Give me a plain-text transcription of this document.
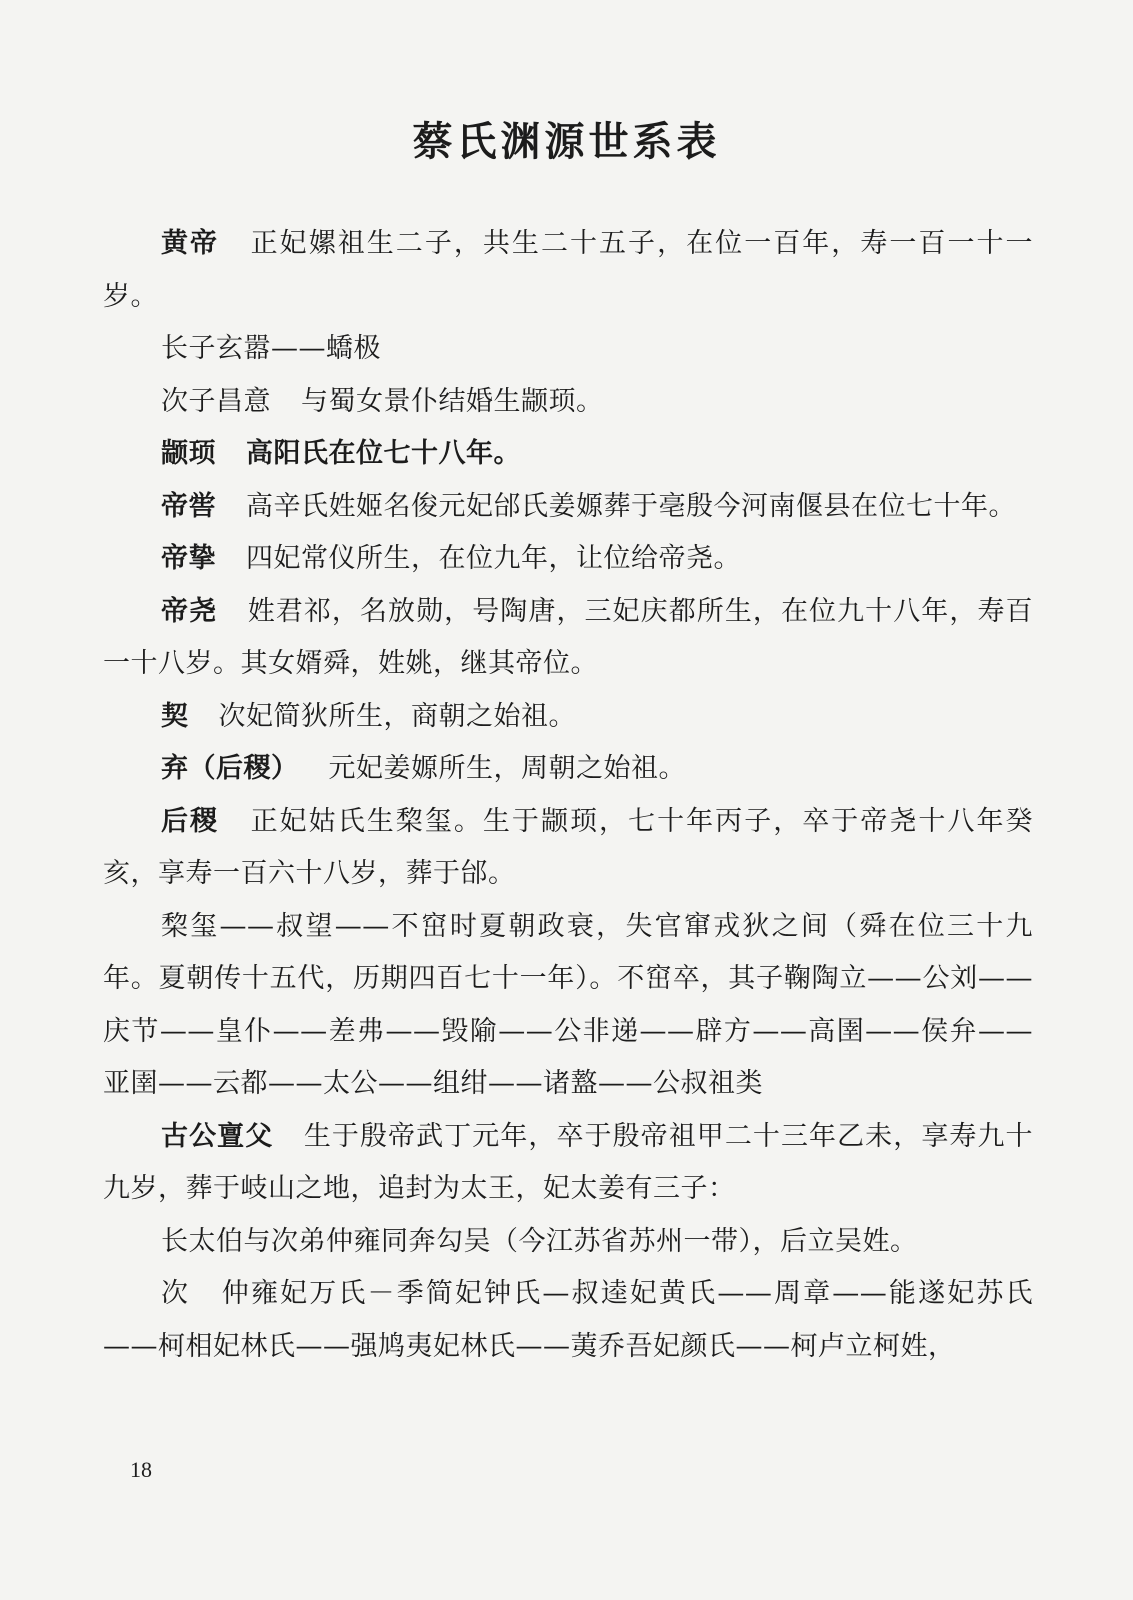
蔡氏渊源世系表

黄帝 正妃嫘祖生二子，共生二十五子，在位一百年，寿一百一十一岁。

长子玄嚣——蟜极

次子昌意 与蜀女景仆结婚生颛顼。

颛顼 高阳氏在位七十八年。

帝喾 高辛氏姓姬名俊元妃邰氏姜嫄葬于亳殷今河南偃县在位七十年。

帝挚 四妃常仪所生，在位九年，让位给帝尧。

帝尧 姓君祁，名放勋，号陶唐，三妃庆都所生，在位九十八年，寿百一十八岁。其女婿舜，姓姚，继其帝位。

契 次妃简狄所生，商朝之始祖。

弃（后稷） 元妃姜嫄所生，周朝之始祖。

后稷 正妃姑氏生棃玺。生于颛顼，七十年丙子，卒于帝尧十八年癸亥，享寿一百六十八岁，葬于邰。

棃玺——叔望——不窋时夏朝政衰，失官窜戎狄之间（舜在位三十九年。夏朝传十五代，历期四百七十一年）。不窋卒，其子鞠陶立——公刘——庆节——皇仆——差弗——毁隃——公非递——辟方——高圉——侯弁——亚圉——云都——太公——组绀——诸盩——公叔祖类

古公亶父 生于殷帝武丁元年，卒于殷帝祖甲二十三年乙未，享寿九十九岁，葬于岐山之地，追封为太王，妃太姜有三子：

长太伯与次弟仲雍同奔勾吴（今江苏省苏州一带），后立吴姓。

次 仲雍妃万氏－季简妃钟氏—叔逵妃黄氏——周章——能遂妃苏氏——柯相妃林氏——强鸠夷妃林氏——荑乔吾妃颜氏——柯卢立柯姓，

18
